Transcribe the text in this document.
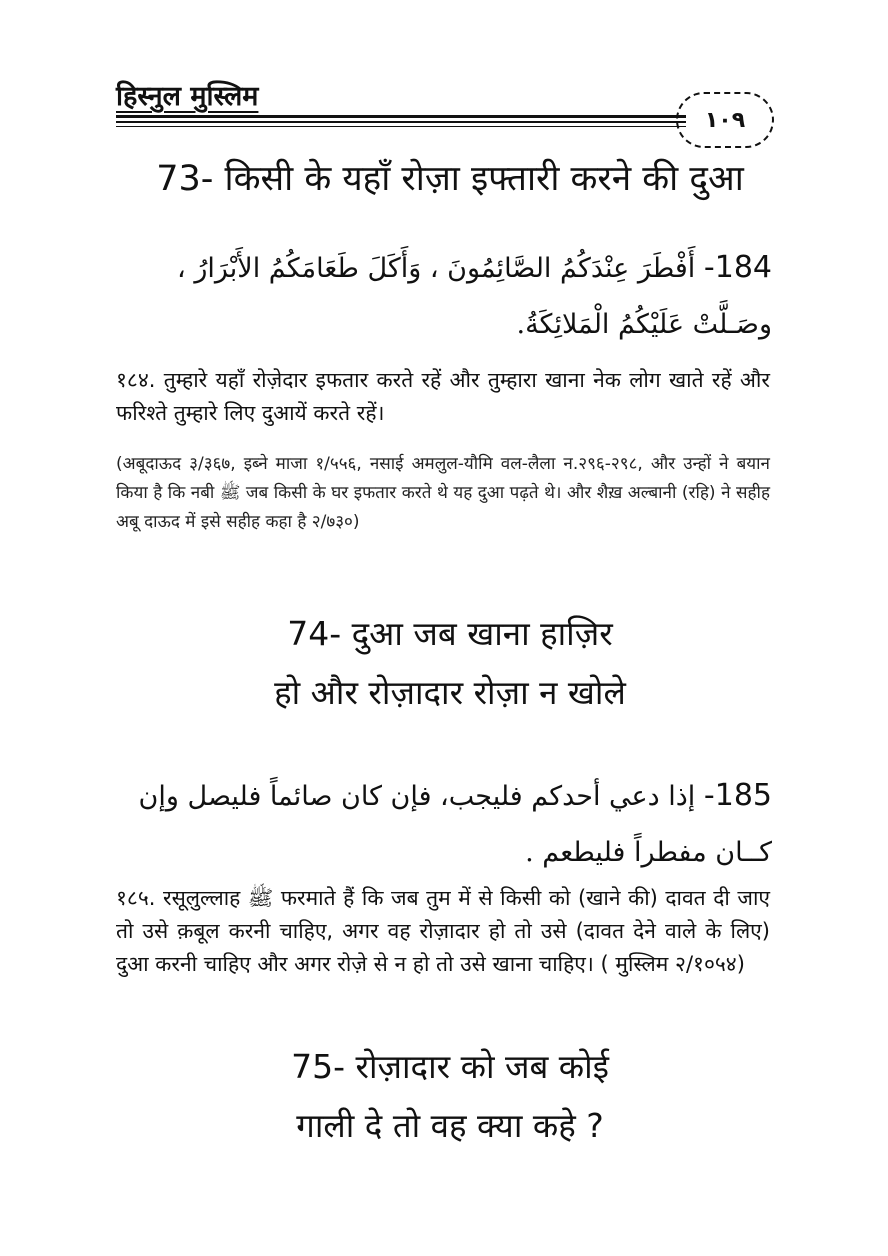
हिस्नुल मुस्लिम
١٠٩
73- किसी के यहाँ रोज़ा इफ्तारी करने की दुआ
184- أَفْطَرَ عِنْدَكُمُ الصَّائِمُونَ ، وَأَكَلَ طَعَامَكُمُ الأَبْرَارُ ، وصَـلَّتْ عَلَيْكُمُ الْمَلائِكَةُ.
१८४. तुम्हारे यहाँ रोज़ेदार इफतार करते रहें और तुम्हारा खाना नेक लोग खाते रहें और फरिश्ते तुम्हारे लिए दुआयें करते रहें।
(अबूदाऊद ३/३६७, इब्ने माजा १/५५६, नसाई अमलुल-यौमि वल-लैला न.२९६-२९८, और उन्हों ने बयान किया है कि नबी ﷺ जब किसी के घर इफतार करते थे यह दुआ पढ़ते थे। और शैख़ अल्बानी (रहि) ने सहीह अबू दाऊद में इसे सहीह कहा है २/७३०)
74- दुआ जब खाना हाज़िर
हो और रोज़ादार रोज़ा न खोले
185- إذا دعي أحدكم فليجب، فإن كان صائماً فليصل وإن كــان مفطراً فليطعم .
१८५. रसूलुल्लाह ﷺ फरमाते हैं कि जब तुम में से किसी को (खाने की) दावत दी जाए तो उसे क़बूल करनी चाहिए, अगर वह रोज़ादार हो तो उसे (दावत देने वाले के लिए) दुआ करनी चाहिए और अगर रोज़े से न हो तो उसे खाना चाहिए। ( मुस्लिम २/१०५४)
75- रोज़ादार को जब कोई
गाली दे तो वह क्या कहे ?
